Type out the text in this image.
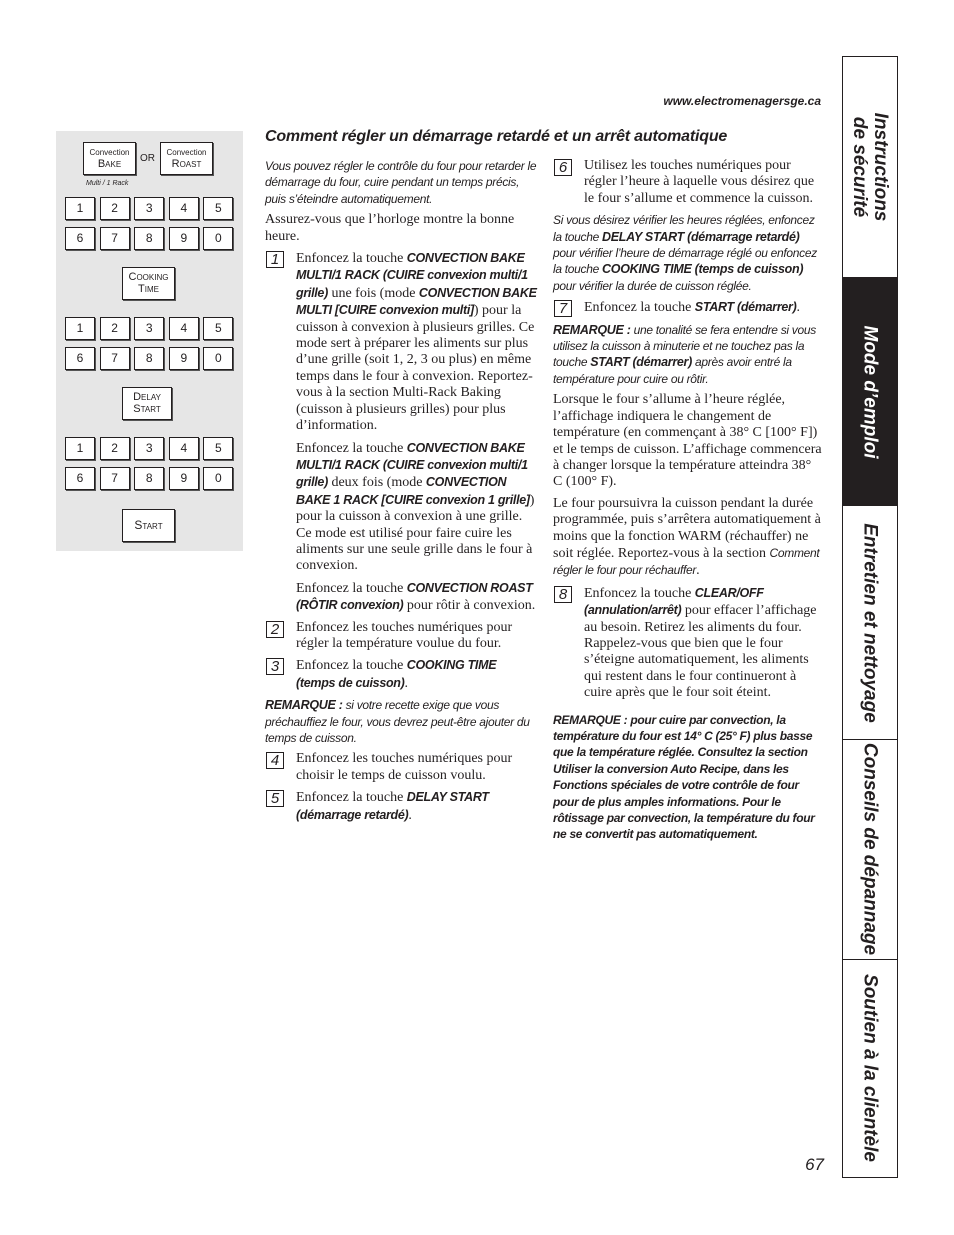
www.electromenagersge.ca
Convection
Bake	OR
Convection
Roast
Multi / 1 Rack
1	2	3	4	5
6	7	8	9	0
Cooking
Time
1	2	3	4	5
6	7	8	9	0
Delay
Start
1	2	3	4	5
6	7	8	9	0
Start
Comment régler un démarrage retardé et un arrêt automatique

Vous pouvez régler le contrôle du four pour retarder le démarrage du four, cuire pendant un temps précis, puis s’éteindre automatiquement.

Assurez-vous que l’horloge montre la bonne heure.

1	Enfoncez la touche CONVECTION BAKE MULTI/1 RACK (CUIRE convexion multi/1 grille) une fois (mode CONVECTION BAKE MULTI [CUIRE convexion multi]) pour la cuisson à convexion à plusieurs grilles. Ce mode sert à préparer les aliments sur plus d’une grille (soit 1, 2, 3 ou plus) en même temps dans le four à convexion. Reportez-vous à la section Multi-Rack Baking (cuisson à plusieurs grilles) pour plus d’information.

Enfoncez la touche CONVECTION BAKE MULTI/1 RACK (CUIRE convexion multi/1 grille) deux fois (mode CONVECTION BAKE 1 RACK [CUIRE convexion 1 grille]) pour la cuisson à convexion à une grille. Ce mode est utilisé pour faire cuire les aliments sur une seule grille dans le four à convexion.

Enfoncez la touche CONVECTION ROAST (RÔTIR convexion) pour rôtir à convexion.

2	Enfoncez les touches numériques pour régler la température voulue du four.

3	Enfoncez la touche COOKING TIME (temps de cuisson).

REMARQUE : si votre recette exige que vous préchauffiez le four, vous devrez peut-être ajouter du temps de cuisson.

4	Enfoncez les touches numériques pour choisir le temps de cuisson voulu.

5	Enfoncez la touche DELAY START (démarrage retardé).

6	Utilisez les touches numériques pour régler l’heure à laquelle vous désirez que le four s’allume et commence la cuisson.

Si vous désirez vérifier les heures réglées, enfoncez la touche DELAY START (démarrage retardé) pour vérifier l’heure de démarrage réglé ou enfoncez la touche COOKING TIME (temps de cuisson) pour vérifier la durée de cuisson réglée.

7	Enfoncez la touche START (démarrer).

REMARQUE : une tonalité se fera entendre si vous utilisez la cuisson à minuterie et ne touchez pas la touche START (démarrer) après avoir entré la température pour cuire ou rôtir.

Lorsque le four s’allume à l’heure réglée, l’affichage indiquera le changement de température (en commençant à 38° C [100° F]) et le temps de cuisson. L’affichage commencera à changer lorsque la température atteindra 38° C (100° F).

Le four poursuivra la cuisson pendant la durée programmée, puis s’arrêtera automatiquement à moins que la fonction WARM (réchauffer) ne soit réglée. Reportez-vous à la section Comment régler le four pour réchauffer.

8	Enfoncez la touche CLEAR/OFF (annulation/arrêt) pour effacer l’affichage au besoin. Retirez les aliments du four. Rappelez-vous que bien que le four s’éteigne automatiquement, les aliments qui restent dans le four continueront à cuire après que le four soit éteint.

REMARQUE : pour cuire par convection, la température du four est 14° C (25° F) plus basse que la température réglée. Consultez la section Utiliser la conversion Auto Recipe, dans les Fonctions spéciales de votre contrôle de four pour de plus amples informations. Pour le rôtissage par convection, la température du four ne se convertit pas automatiquement.

Instructions
de sécurité
Mode d’emploi
Entretien et nettoyage
Conseils de dépannage
Soutien à la clientèle
67
